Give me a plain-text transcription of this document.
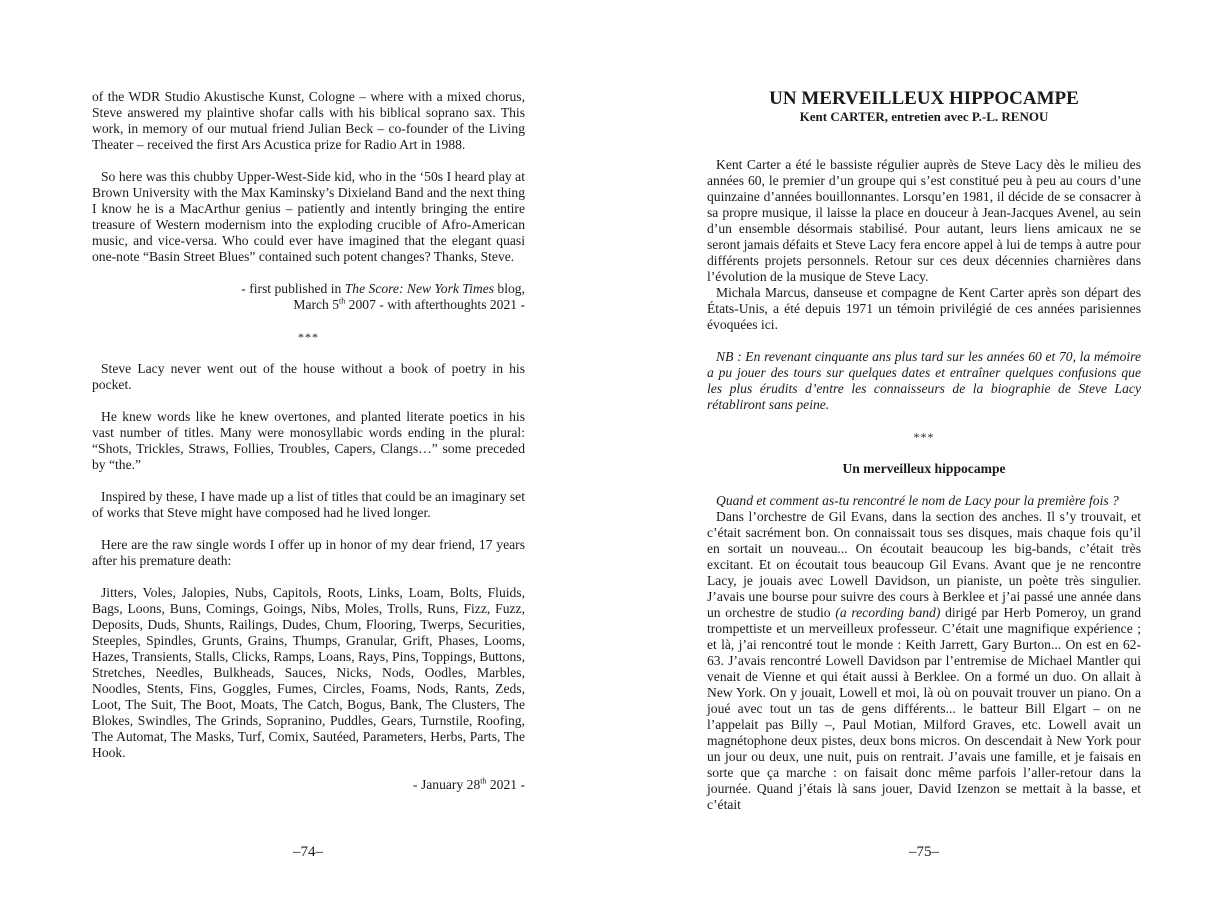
of the WDR Studio Akustische Kunst, Cologne – where with a mixed chorus, Steve answered my plaintive shofar calls with his biblical soprano sax. This work, in memory of our mutual friend Julian Beck – co-founder of the Living Theater – received the first Ars Acustica prize for Radio Art in 1988.

So here was this chubby Upper-West-Side kid, who in the ‘50s I heard play at Brown University with the Max Kaminsky’s Dixieland Band and the next thing I know he is a MacArthur genius – patiently and intently bringing the entire treasure of Western modernism into the exploding crucible of Afro-American music, and vice-versa. Who could ever have imagined that the elegant quasi one-note “Basin Street Blues” contained such potent changes? Thanks, Steve.

- first published in The Score: New York Times blog,
March 5th 2007 - with afterthoughts 2021 -

***

Steve Lacy never went out of the house without a book of poetry in his pocket.

He knew words like he knew overtones, and planted literate poetics in his vast number of titles. Many were monosyllabic words ending in the plural: “Shots, Trickles, Straws, Follies, Troubles, Capers, Clangs…” some preceded by “the.”

Inspired by these, I have made up a list of titles that could be an imaginary set of works that Steve might have composed had he lived longer.

Here are the raw single words I offer up in honor of my dear friend, 17 years after his premature death:

Jitters, Voles, Jalopies, Nubs, Capitols, Roots, Links, Loam, Bolts, Fluids, Bags, Loons, Buns, Comings, Goings, Nibs, Moles, Trolls, Runs, Fizz, Fuzz, Deposits, Duds, Shunts, Railings, Dudes, Chum, Flooring, Twerps, Securities, Steeples, Spindles, Grunts, Grains, Thumps, Granular, Grift, Phases, Looms, Hazes, Transients, Stalls, Clicks, Ramps, Loans, Rays, Pins, Toppings, Buttons, Stretches, Needles, Bulkheads, Sauces, Nicks, Nods, Oodles, Marbles, Noodles, Stents, Fins, Goggles, Fumes, Circles, Foams, Nods, Rants, Zeds, Loot, The Suit, The Boot, Moats, The Catch, Bogus, Bank, The Clusters, The Blokes, Swindles, The Grinds, Sopranino, Puddles, Gears, Turnstile, Roofing, The Automat, The Masks, Turf, Comix, Sautéed, Parameters, Herbs, Parts, The Hook.

- January 28th 2021 -

–74–

UN MERVEILLEUX HIPPOCAMPE

Kent CARTER, entretien avec P.-L. RENOU

Kent Carter a été le bassiste régulier auprès de Steve Lacy dès le milieu des années 60, le premier d’un groupe qui s’est constitué peu à peu au cours d’une quinzaine d’années bouillonnantes. Lorsqu’en 1981, il décide de se consacrer à sa propre musique, il laisse la place en douceur à Jean-Jacques Avenel, au sein d’un ensemble désormais stabilisé. Pour autant, leurs liens amicaux ne se seront jamais défaits et Steve Lacy fera encore appel à lui de temps à autre pour différents projets personnels. Retour sur ces deux décennies charnières dans l’évolution de la musique de Steve Lacy.

Michala Marcus, danseuse et compagne de Kent Carter après son départ des États-Unis, a été depuis 1971 un témoin privilégié de ces années parisiennes évoquées ici.

NB : En revenant cinquante ans plus tard sur les années 60 et 70, la mémoire a pu jouer des tours sur quelques dates et entraîner quelques confusions que les plus érudits d’entre les connaisseurs de la biographie de Steve Lacy rétabliront sans peine.

***

Un merveilleux hippocampe

Quand et comment as-tu rencontré le nom de Lacy pour la première fois ?

Dans l’orchestre de Gil Evans, dans la section des anches. Il s’y trouvait, et c’était sacrément bon. On connaissait tous ses disques, mais chaque fois qu’il en sortait un nouveau... On écoutait beaucoup les big-bands, c’était très excitant. Et on écoutait tous beaucoup Gil Evans. Avant que je ne rencontre Lacy, je jouais avec Lowell Davidson, un pianiste, un poète très singulier. J’avais une bourse pour suivre des cours à Berklee et j’ai passé une année dans un orchestre de studio (a recording band) dirigé par Herb Pomeroy, un grand trompettiste et un merveilleux professeur. C’était une magnifique expérience ; et là, j’ai rencontré tout le monde : Keith Jarrett, Gary Burton... On est en 62-63. J’avais rencontré Lowell Davidson par l’entremise de Michael Mantler qui venait de Vienne et qui était aussi à Berklee. On a formé un duo. On allait à New York. On y jouait, Lowell et moi, là où on pouvait trouver un piano. On a joué avec tout un tas de gens différents... le batteur Bill Elgart – on ne l’appelait pas Billy –, Paul Motian, Milford Graves, etc. Lowell avait un magnétophone deux pistes, deux bons micros. On descendait à New York pour un jour ou deux, une nuit, puis on rentrait. J’avais une famille, et je faisais en sorte que ça marche : on faisait donc même parfois l’aller-retour dans la journée. Quand j’étais là sans jouer, David Izenzon se mettait à la basse, et c’était

–75–
